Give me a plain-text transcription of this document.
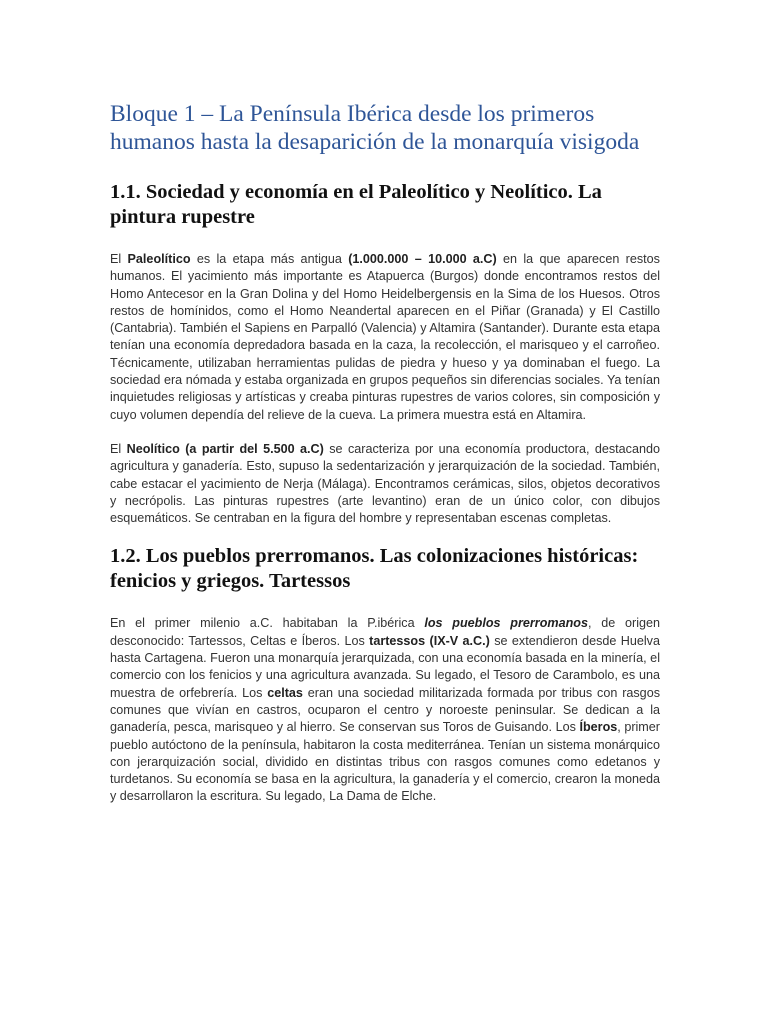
Bloque 1 – La Península Ibérica desde los primeros humanos hasta la desaparición de la monarquía visigoda
1.1. Sociedad y economía en el Paleolítico y Neolítico. La pintura rupestre

El Paleolítico es la etapa más antigua (1.000.000 – 10.000 a.C) en la que aparecen restos humanos. El yacimiento más importante es Atapuerca (Burgos) donde encontramos restos del Homo Antecesor en la Gran Dolina y del Homo Heidelbergensis en la Sima de los Huesos. Otros restos de homínidos, como el Homo Neandertal aparecen en el Piñar (Granada) y El Castillo (Cantabria). También el Sapiens en Parpalló (Valencia) y Altamira (Santander). Durante esta etapa tenían una economía depredadora basada en la caza, la recolección, el marisqueo y el carroñeo. Técnicamente, utilizaban herramientas pulidas de piedra y hueso y ya dominaban el fuego. La sociedad era nómada y estaba organizada en grupos pequeños sin diferencias sociales. Ya tenían inquietudes religiosas y artísticas y creaba pinturas rupestres de varios colores, sin composición y cuyo volumen dependía del relieve de la cueva. La primera muestra está en Altamira.

El Neolítico (a partir del 5.500 a.C) se caracteriza por una economía productora, destacando agricultura y ganadería. Esto, supuso la sedentarización y jerarquización de la sociedad. También, cabe estacar el yacimiento de Nerja (Málaga). Encontramos cerámicas, silos, objetos decorativos y necrópolis. Las pinturas rupestres (arte levantino) eran de un único color, con dibujos esquemáticos. Se centraban en la figura del hombre y representaban escenas completas.

1.2. Los pueblos prerromanos. Las colonizaciones históricas: fenicios y griegos. Tartessos

En el primer milenio a.C. habitaban la P.ibérica los pueblos prerromanos, de origen desconocido: Tartessos, Celtas e Íberos. Los tartessos (IX-V a.C.) se extendieron desde Huelva hasta Cartagena. Fueron una monarquía jerarquizada, con una economía basada en la minería, el comercio con los fenicios y una agricultura avanzada. Su legado, el Tesoro de Carambolo, es una muestra de orfebrería. Los celtas eran una sociedad militarizada formada por tribus con rasgos comunes que vivían en castros, ocuparon el centro y noroeste peninsular. Se dedican a la ganadería, pesca, marisqueo y al hierro. Se conservan sus Toros de Guisando. Los Íberos, primer pueblo autóctono de la península, habitaron la costa mediterránea. Tenían un sistema monárquico con jerarquización social, dividido en distintas tribus con rasgos comunes como edetanos y turdetanos. Su economía se basa en la agricultura, la ganadería y el comercio, crearon la moneda y desarrollaron la escritura. Su legado, La Dama de Elche.
